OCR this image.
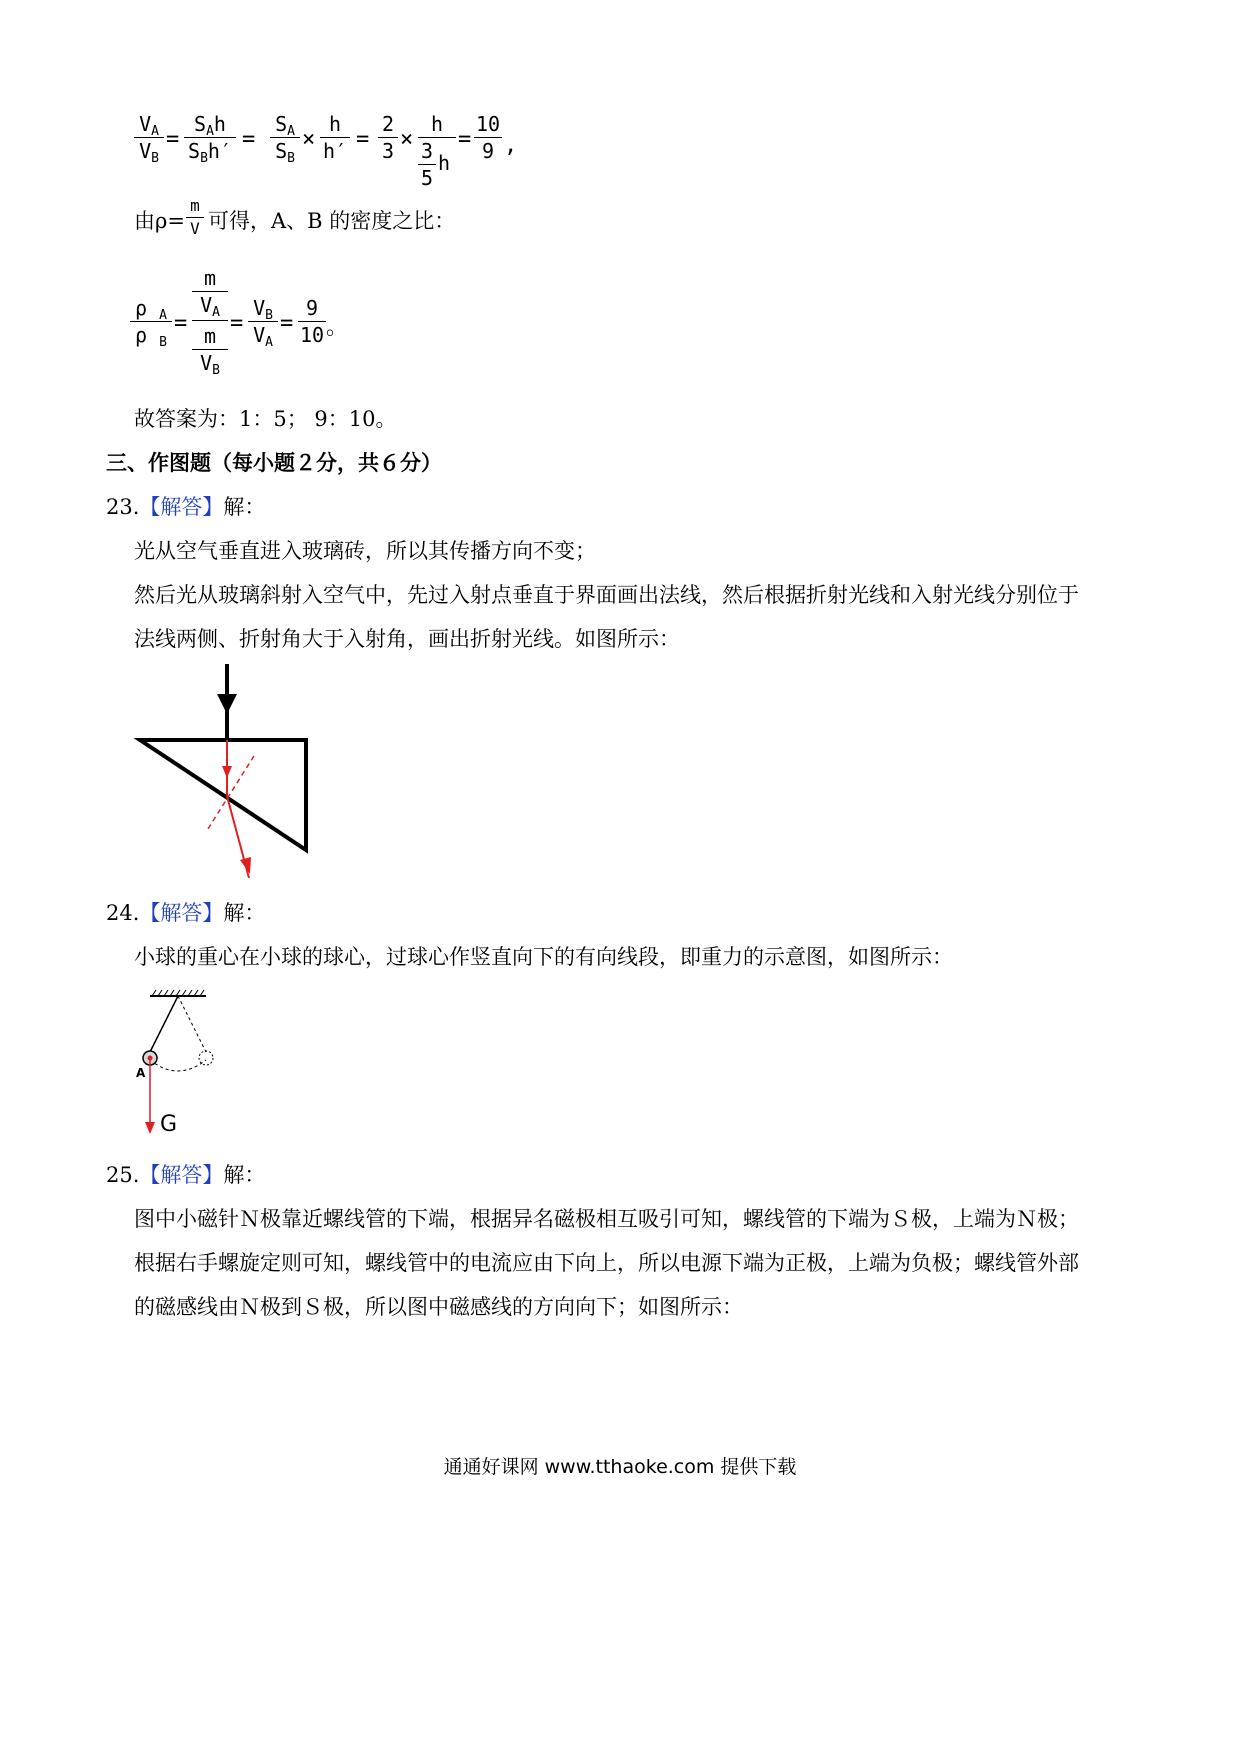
$V_A$
$V_B$
=
$S_Ah$
$S_Bh'$ =
$S_A$
$S_B$
×
h
h′ =
2
3 ×
h
3
5
h
=
10
9 ,
由ρ=
m
V 可得，A、B 的密度之比：
ρ $_A$
ρ $_B$
=
m
$V_A$
m
$V_B$
=
$V_B$
$V_A$
=
9
10 。
故答案为：1：5； 9：10。
三、作图题（每小题２分，共６分）
23.【解答】解：
光从空气垂直进入玻璃砖，所以其传播方向不变；
然后光从玻璃斜射入空气中，先过入射点垂直于界面画出法线，然后根据折射光线和入射光线分别位于
法线两侧、折射角大于入射角，画出折射光线。如图所示：
24.【解答】解：
小球的重心在小球的球心，过球心作竖直向下的有向线段，即重力的示意图，如图所示：
A
G
25.【解答】解：
图中小磁针Ｎ极靠近螺线管的下端，根据异名磁极相互吸引可知，螺线管的下端为Ｓ极，上端为Ｎ极；
根据右手螺旋定则可知，螺线管中的电流应由下向上，所以电源下端为正极，上端为负极；螺线管外部
的磁感线由Ｎ极到Ｓ极，所以图中磁感线的方向向下；如图所示：
通通好课网 www.tthaoke.com 提供下载
